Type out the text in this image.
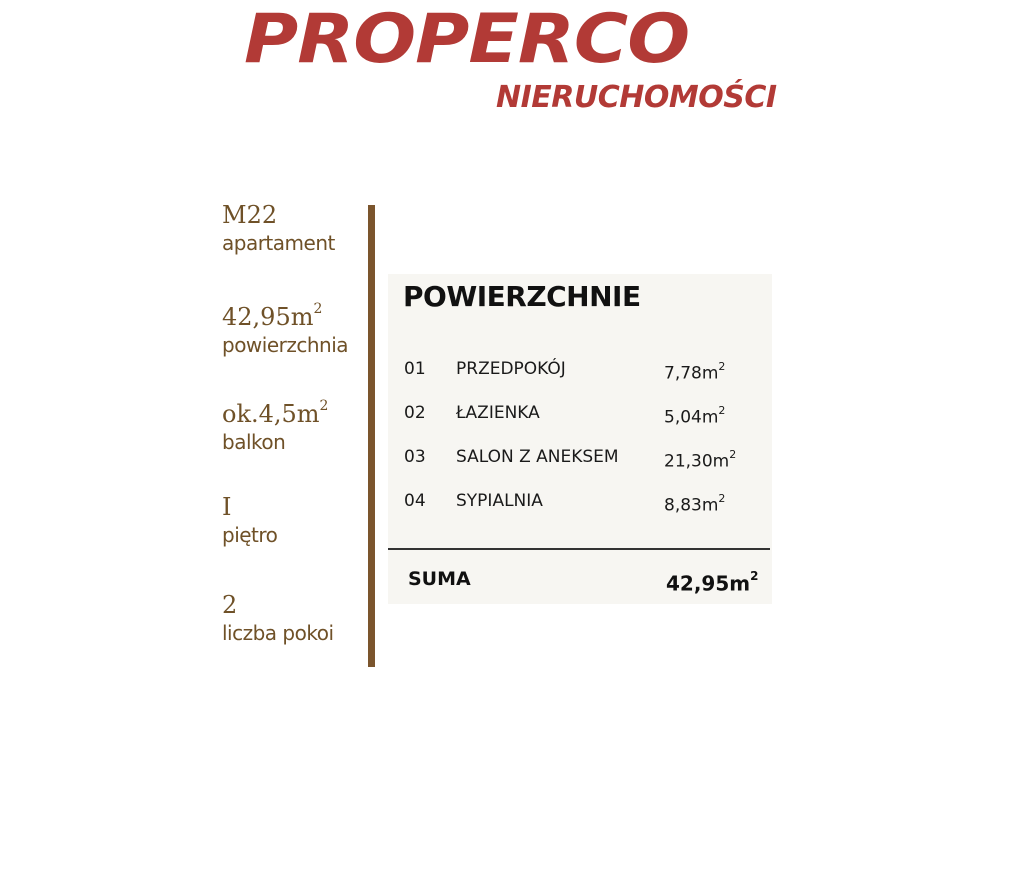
PROPERCO
NIERUCHOMOŚCI
M22
apartament
$42,95m^2$
powierzchnia
$ok.4,5m^2$
balkon
I
piętro
2
liczba pokoi
POWIERZCHNIE
01 PRZEDPOKÓJ	$7,78m^2$
02 ŁAZIENKA	$5,04m^2$
03 SALON Z ANEKSEM	$21,30m^2$
04 SYPIALNIA	$8,83m^2$
SUMA	$42,95m^2$
